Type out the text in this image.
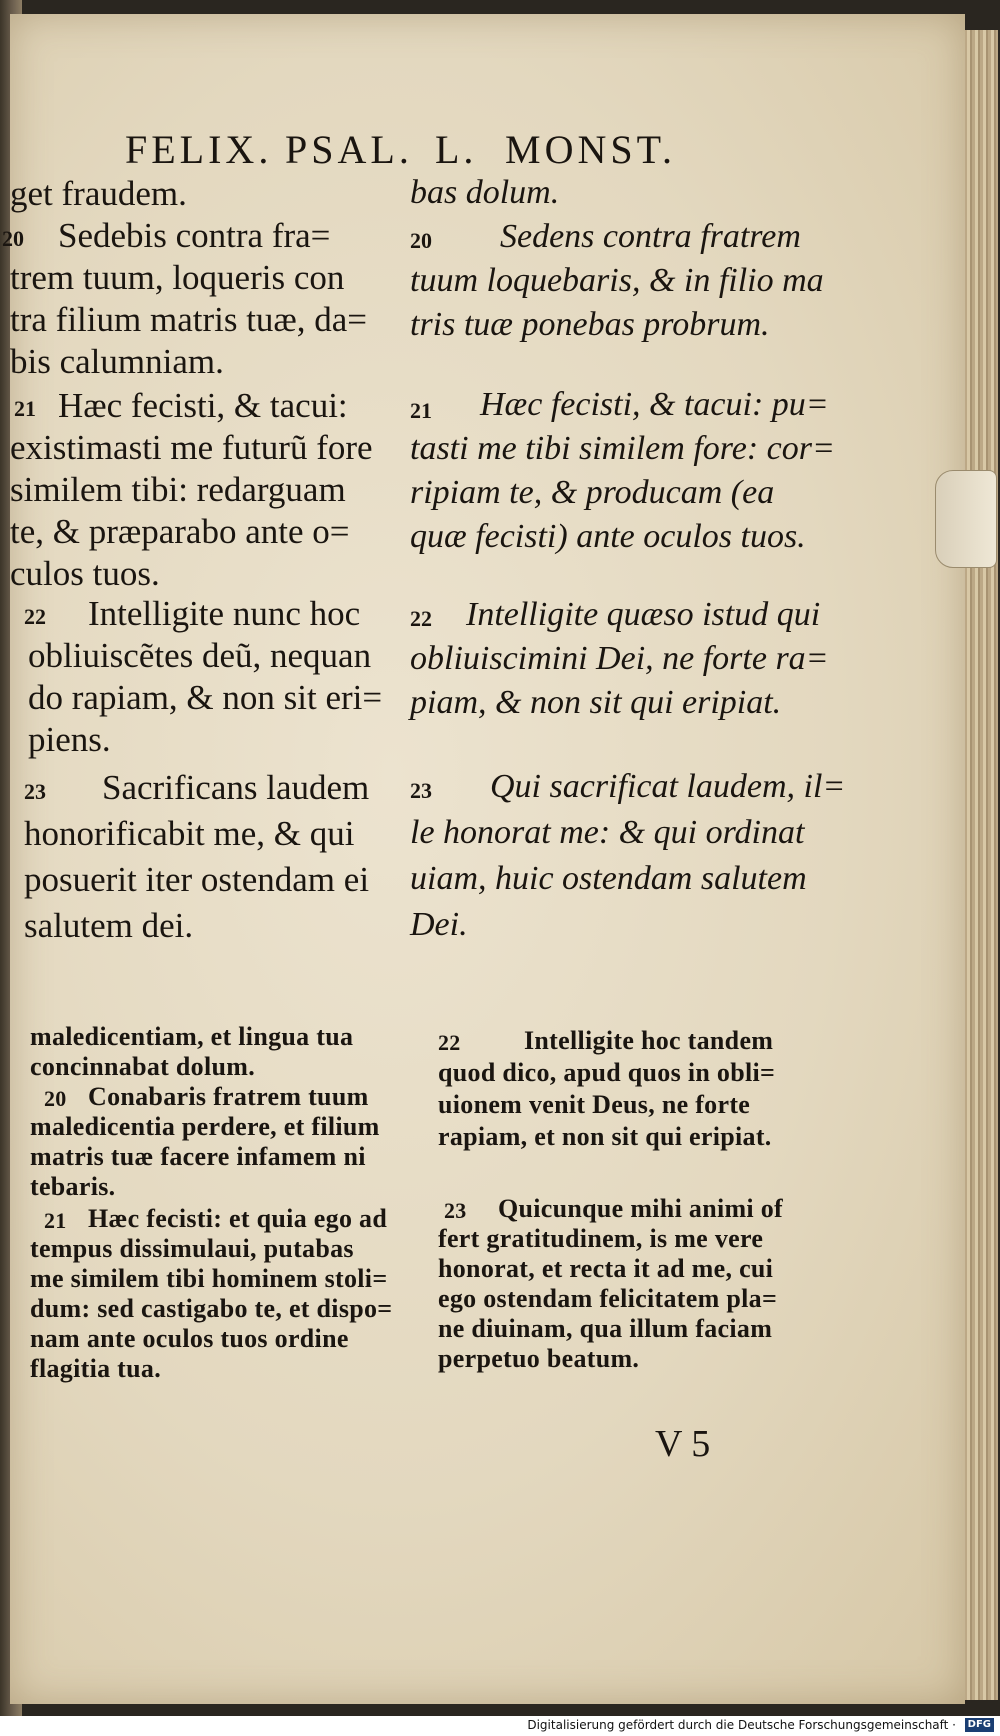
FELIX. PSAL. L. MONST.
get fraudem.
20 Sedebis contra fra=
trem tuum, loqueris con
tra filium matris tuæ, da=
bis calumniam.
21 Hæc fecisti, & tacui:
existimasti me futurũ fore
similem tibi: redarguam
te, & præparabo ante o=
culos tuos.
22 Intelligite nunc hoc
obliuiscẽtes deũ, nequan
do rapiam, & non sit eri=
piens.
23 Sacrificans laudem
honorificabit me, & qui
posuerit iter ostendam ei
salutem dei.
bas dolum.
20 Sedens contra fratrem
tuum loquebaris, & in filio ma
tris tuæ ponebas probrum.
21 Hæc fecisti, & tacui: pu=
tasti me tibi similem fore: cor=
ripiam te, & producam (ea
quæ fecisti) ante oculos tuos.
22 Intelligite quæso istud qui
obliuiscimini Dei, ne forte ra=
piam, & non sit qui eripiat.
23 Qui sacrificat laudem, il=
le honorat me: & qui ordinat
uiam, huic ostendam salutem
Dei.
maledicentiam, et lingua tua
concinnabat dolum.
20 Conabaris fratrem tuum
maledicentia perdere, et filium
matris tuæ facere infamem ni
tebaris.
21 Hæc fecisti: et quia ego ad
tempus dissimulaui, putabas
me similem tibi hominem stoli=
dum: sed castigabo te, et dispo=
nam ante oculos tuos ordine
flagitia tua.
22 Intelligite hoc tandem
quod dico, apud quos in obli=
uionem venit Deus, ne forte
rapiam, et non sit qui eripiat.
23 Quicunque mihi animi of
fert gratitudinem, is me vere
honorat, et recta it ad me, cui
ego ostendam felicitatem pla=
ne diuinam, qua illum faciam
perpetuo beatum.
V 5
Digitalisierung gefördert durch die Deutsche Forschungsgemeinschaft ·	DFG
